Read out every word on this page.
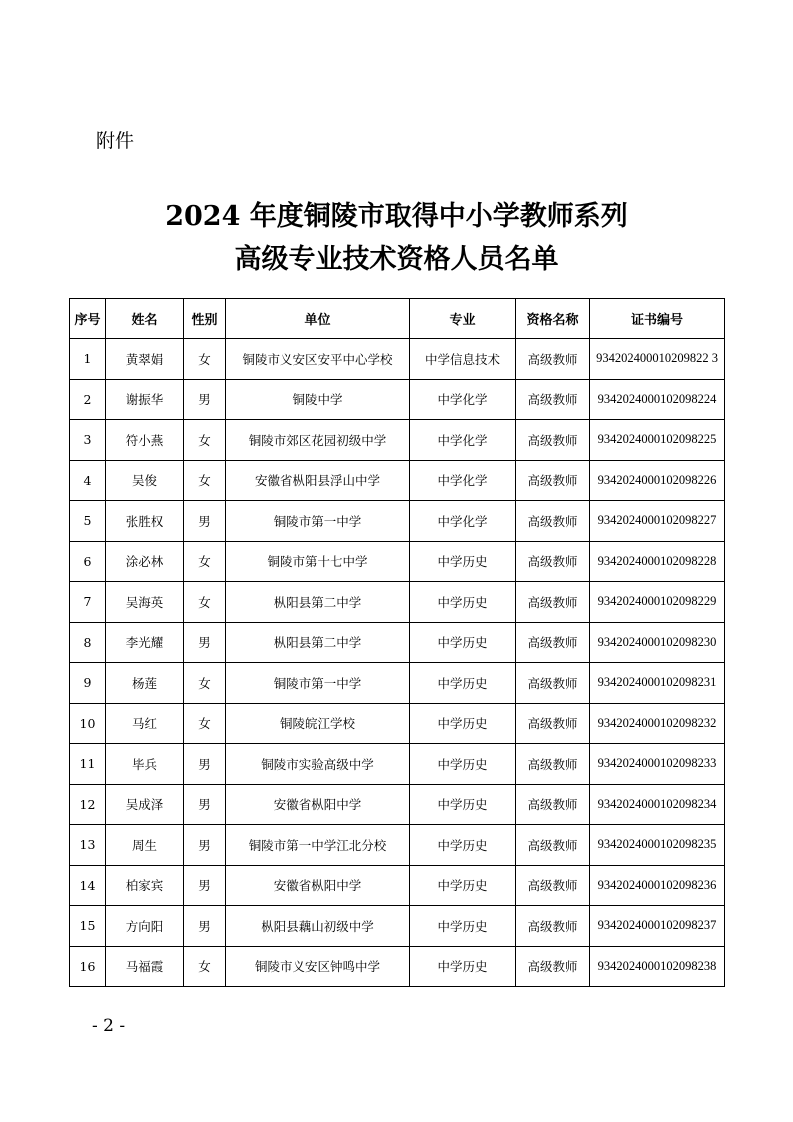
附件

2024 年度铜陵市取得中小学教师系列
高级专业技术资格人员名单
序号	姓名	性别	单位	专业	资格名称	证书编号
1	黄翠娟	女	铜陵市义安区安平中心学校	中学信息技术	高级教师	934202400010209822 3
2	谢振华	男	铜陵中学	中学化学	高级教师	9342024000102098224
3	符小燕	女	铜陵市郊区花园初级中学	中学化学	高级教师	9342024000102098225
4	吴俊	女	安徽省枞阳县浮山中学	中学化学	高级教师	9342024000102098226
5	张胜权	男	铜陵市第一中学	中学化学	高级教师	9342024000102098227
6	涂必林	女	铜陵市第十七中学	中学历史	高级教师	9342024000102098228
7	吴海英	女	枞阳县第二中学	中学历史	高级教师	9342024000102098229
8	李光耀	男	枞阳县第二中学	中学历史	高级教师	9342024000102098230
9	杨莲	女	铜陵市第一中学	中学历史	高级教师	9342024000102098231
10	马红	女	铜陵皖江学校	中学历史	高级教师	9342024000102098232
11	毕兵	男	铜陵市实验高级中学	中学历史	高级教师	9342024000102098233
12	吴成泽	男	安徽省枞阳中学	中学历史	高级教师	9342024000102098234
13	周生	男	铜陵市第一中学江北分校	中学历史	高级教师	9342024000102098235
14	柏家宾	男	安徽省枞阳中学	中学历史	高级教师	9342024000102098236
15	方向阳	男	枞阳县藕山初级中学	中学历史	高级教师	9342024000102098237
16	马福霞	女	铜陵市义安区钟鸣中学	中学历史	高级教师	9342024000102098238

- 2 -
